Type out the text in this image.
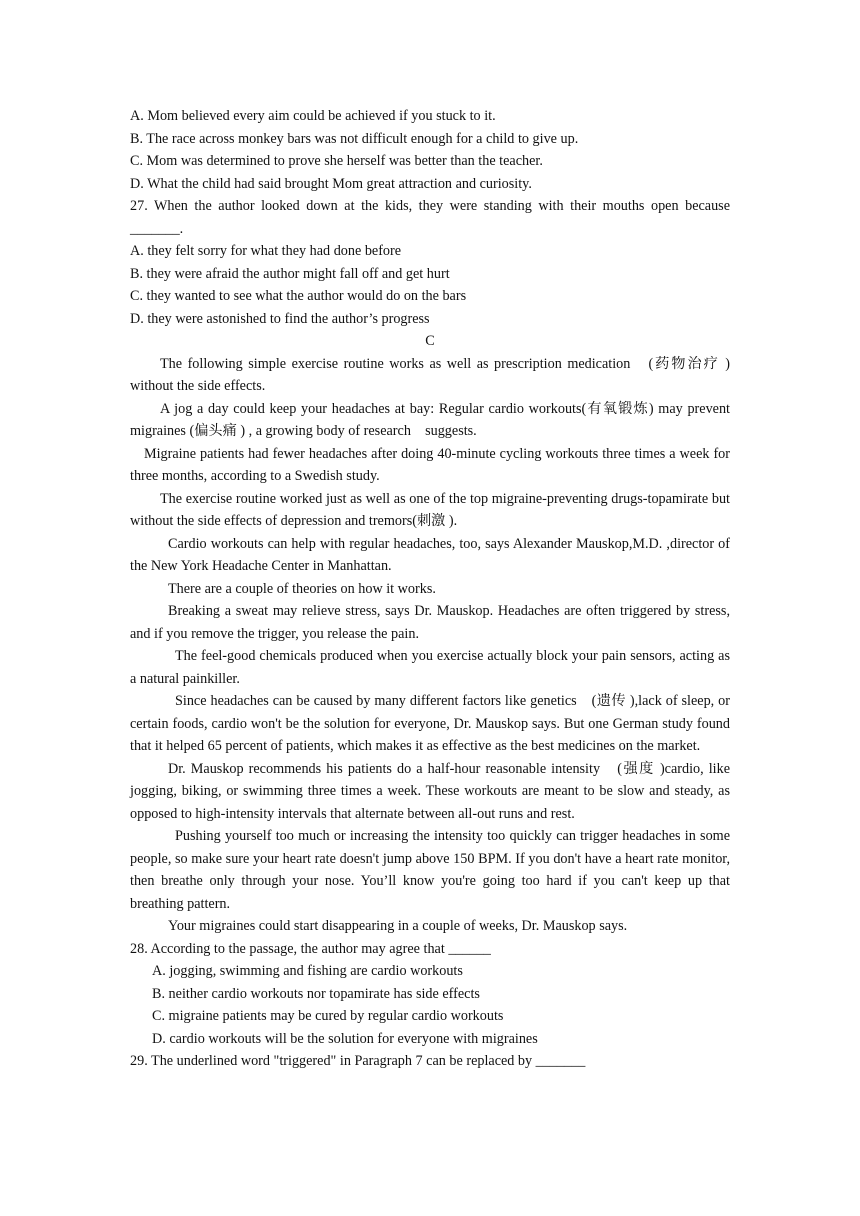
A. Mom believed every aim could be achieved if you stuck to it.

B. The race across monkey bars was not difficult enough for a child to give up.

C. Mom was determined to prove she herself was better than the teacher.

D. What the child had said brought Mom great attraction and curiosity.

27. When the author looked down at the kids, they were standing with their mouths open because _______.

A. they felt sorry for what they had done before

B. they were afraid the author might fall off and get hurt

C. they wanted to see what the author would do on the bars

D. they were astonished to find the author’s progress

C

The following simple exercise routine works as well as prescription medication　(药物治疗 ) without the side effects.

A jog a day could keep your headaches at bay: Regular cardio workouts(有氧锻炼) may prevent migraines (偏头痛 ) , a growing body of research　suggests.

Migraine patients had fewer headaches after doing 40-minute cycling workouts three times a week for three months, according to a Swedish study.

The exercise routine worked just as well as one of the top migraine-preventing drugs-topamirate but without the side effects of depression and tremors(刺激 ).

Cardio workouts can help with regular headaches, too, says Alexander Mauskop,M.D. ,director of the New York Headache Center in Manhattan.

There are a couple of theories on how it works.

Breaking a sweat may relieve stress, says Dr. Mauskop. Headaches are often triggered by stress, and if you remove the trigger, you release the pain.

The feel-good chemicals produced when you exercise actually block your pain sensors, acting as a natural painkiller.

Since headaches can be caused by many different factors like genetics　(遗传 ),lack of sleep, or certain foods, cardio won't be the solution for everyone, Dr. Mauskop says. But one German study found that it helped 65 percent of patients, which makes it as effective as the best medicines on the market.

Dr. Mauskop recommends his patients do a half-hour reasonable intensity　(强度 )cardio, like jogging, biking, or swimming three times a week. These workouts are meant to be slow and steady, as opposed to high-intensity intervals that alternate between all-out runs and rest.

Pushing yourself too much or increasing the intensity too quickly can trigger headaches in some people, so make sure your heart rate doesn't jump above 150 BPM. If you don't have a heart rate monitor, then breathe only through your nose. You’ll know you're going too hard if you can't keep up that breathing pattern.

Your migraines could start disappearing in a couple of weeks, Dr. Mauskop says.

28. According to the passage, the author may agree that ______

A. jogging, swimming and fishing are cardio workouts

B. neither cardio workouts nor topamirate has side effects

C. migraine patients may be cured by regular cardio workouts

D. cardio workouts will be the solution for everyone with migraines

29. The underlined word "triggered" in Paragraph 7 can be replaced by _______
